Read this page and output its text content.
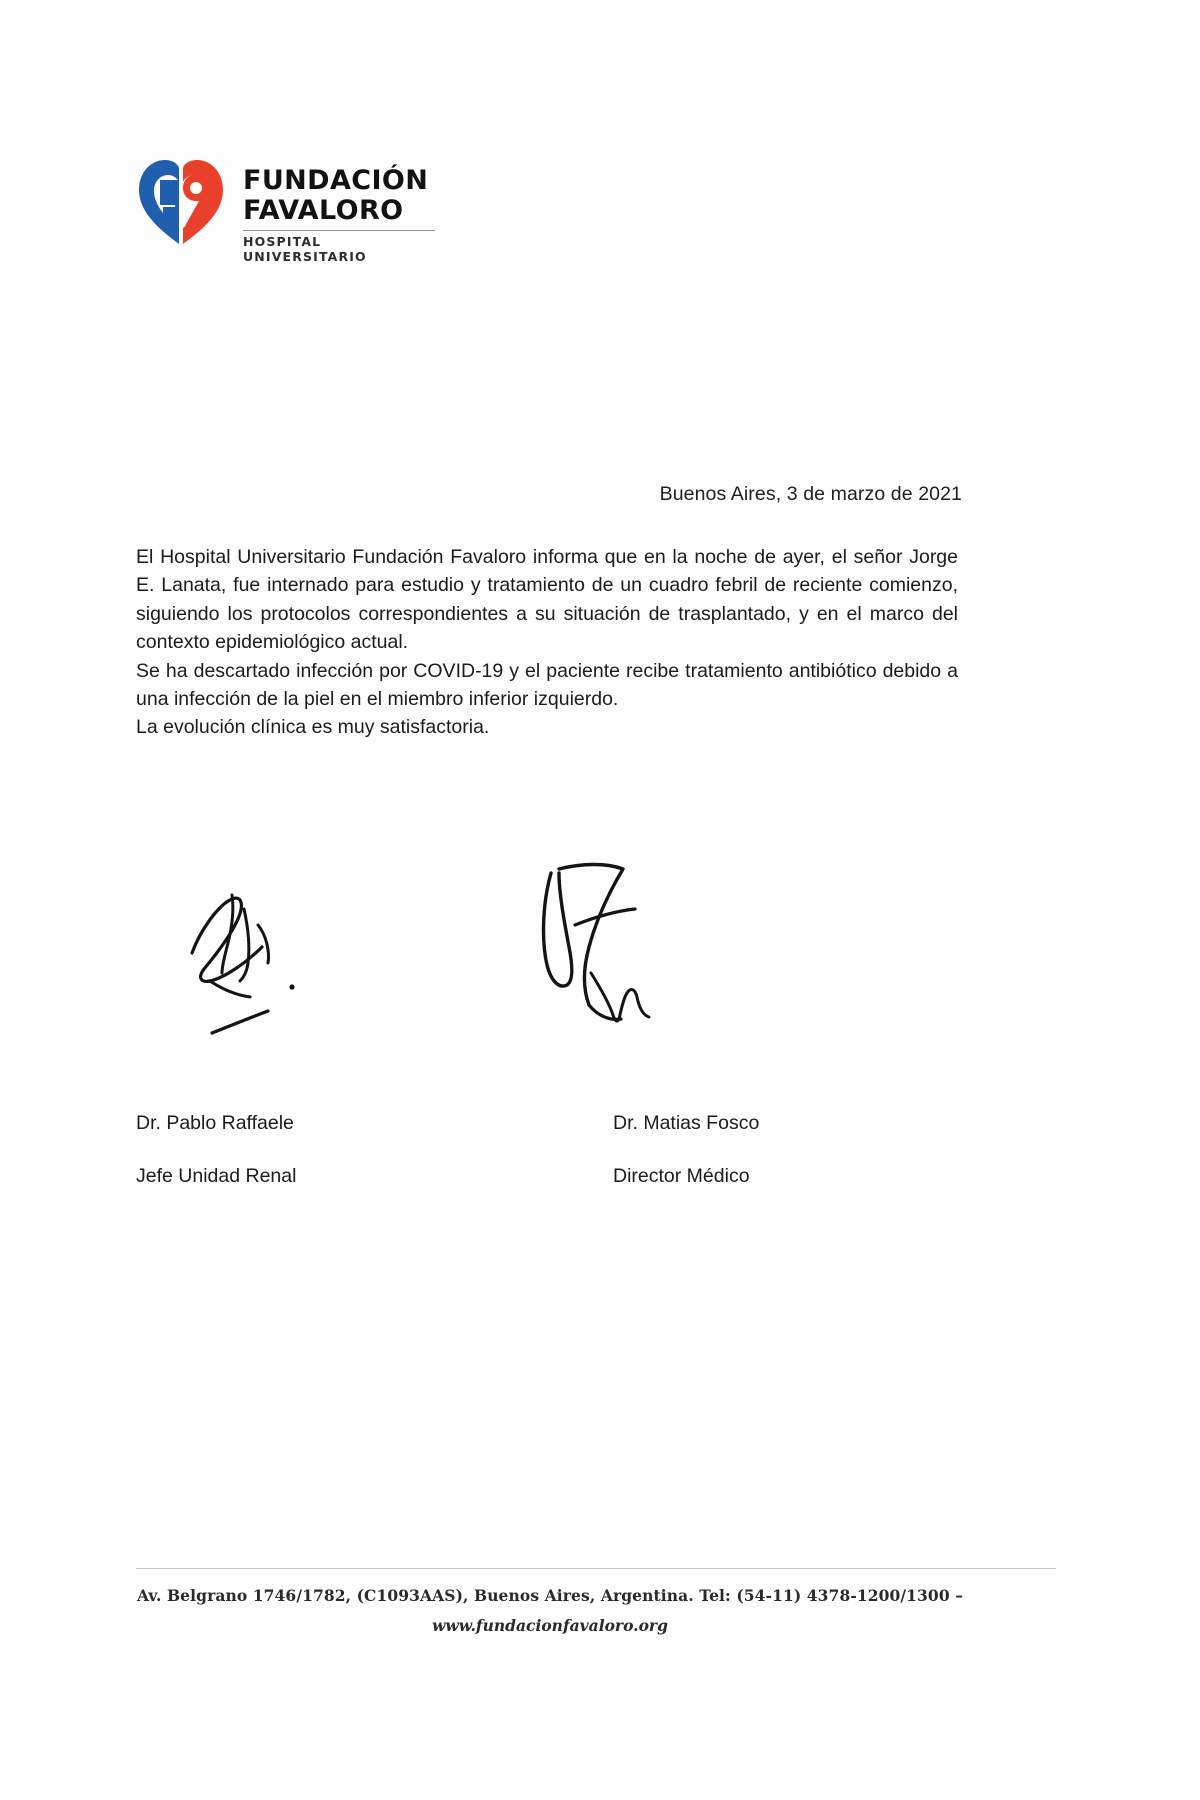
FUNDACIÓN
FAVALORO
HOSPITAL UNIVERSITARIO
Buenos Aires, 3 de marzo de 2021

El Hospital Universitario Fundación Favaloro informa que en la noche de ayer, el señor Jorge E. Lanata, fue internado para estudio y tratamiento de un cuadro febril de reciente comienzo, siguiendo los protocolos correspondientes a su situación de trasplantado, y en el marco del contexto epidemiológico actual.

Se ha descartado infección por COVID-19 y el paciente recibe tratamiento antibiótico debido a una infección de la piel en el miembro inferior izquierdo.

La evolución clínica es muy satisfactoria.

Dr. Pablo Raffaele
Jefe Unidad Renal
Dr. Matias Fosco
Director Médico
Av. Belgrano 1746/1782, (C1093AAS), Buenos Aires, Argentina. Tel: (54-11) 4378-1200/1300 –
www.fundacionfavaloro.org
